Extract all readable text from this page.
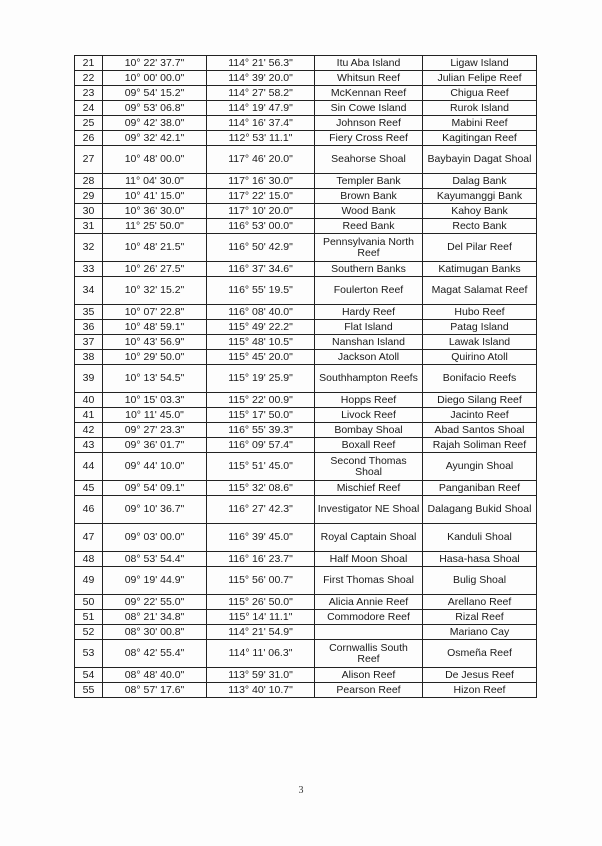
21	10° 22' 37.7"	114° 21' 56.3"	Itu Aba Island	Ligaw Island
22	10° 00' 00.0"	114° 39' 20.0"	Whitsun Reef	Julian Felipe Reef
23	09° 54' 15.2"	114° 27' 58.2"	McKennan Reef	Chigua Reef
24	09° 53' 06.8"	114° 19' 47.9"	Sin Cowe Island	Rurok Island
25	09° 42' 38.0"	114° 16' 37.4"	Johnson Reef	Mabini Reef
26	09° 32' 42.1"	112° 53' 11.1"	Fiery Cross Reef	Kagitingan Reef
27	10° 48' 00.0"	117° 46' 20.0"	Seahorse Shoal	Baybayin Dagat Shoal
28	11° 04' 30.0"	117° 16' 30.0"	Templer Bank	Dalag Bank
29	10° 41' 15.0"	117° 22' 15.0"	Brown Bank	Kayumanggi Bank
30	10° 36' 30.0"	117° 10' 20.0"	Wood Bank	Kahoy Bank
31	11° 25' 50.0"	116° 53' 00.0"	Reed Bank	Recto Bank
32	10° 48' 21.5"	116° 50' 42.9"	Pennsylvania North Reef	Del Pilar Reef
33	10° 26' 27.5"	116° 37' 34.6"	Southern Banks	Katimugan Banks
34	10° 32' 15.2"	116° 55' 19.5"	Foulerton Reef	Magat Salamat Reef
35	10° 07' 22.8"	116° 08' 40.0"	Hardy Reef	Hubo Reef
36	10° 48' 59.1"	115° 49' 22.2"	Flat Island	Patag Island
37	10° 43' 56.9"	115° 48' 10.5"	Nanshan Island	Lawak Island
38	10° 29' 50.0"	115° 45' 20.0"	Jackson Atoll	Quirino Atoll
39	10° 13' 54.5"	115° 19' 25.9"	Southhampton Reefs	Bonifacio Reefs
40	10° 15' 03.3"	115° 22' 00.9"	Hopps Reef	Diego Silang Reef
41	10° 11' 45.0"	115° 17' 50.0"	Livock Reef	Jacinto Reef
42	09° 27' 23.3"	116° 55' 39.3"	Bombay Shoal	Abad Santos Shoal
43	09° 36' 01.7"	116° 09' 57.4"	Boxall Reef	Rajah Soliman Reef
44	09° 44' 10.0"	115° 51' 45.0"	Second Thomas Shoal	Ayungin Shoal
45	09° 54' 09.1"	115° 32' 08.6"	Mischief Reef	Panganiban Reef
46	09° 10' 36.7"	116° 27' 42.3"	Investigator NE Shoal	Dalagang Bukid Shoal
47	09° 03' 00.0"	116° 39' 45.0"	Royal Captain Shoal	Kanduli Shoal
48	08° 53' 54.4"	116° 16' 23.7"	Half Moon Shoal	Hasa-hasa Shoal
49	09° 19' 44.9"	115° 56' 00.7"	First Thomas Shoal	Bulig Shoal
50	09° 22' 55.0"	115° 26' 50.0"	Alicia Annie Reef	Arellano Reef
51	08° 21' 34.8"	115° 14' 11.1"	Commodore Reef	Rizal Reef
52	08° 30' 00.8"	114° 21' 54.9"		Mariano Cay
53	08° 42' 55.4"	114° 11' 06.3"	Cornwallis South Reef	Osmeña Reef
54	08° 48' 40.0"	113° 59' 31.0"	Alison Reef	De Jesus Reef
55	08° 57' 17.6"	113° 40' 10.7"	Pearson Reef	Hizon Reef
3
